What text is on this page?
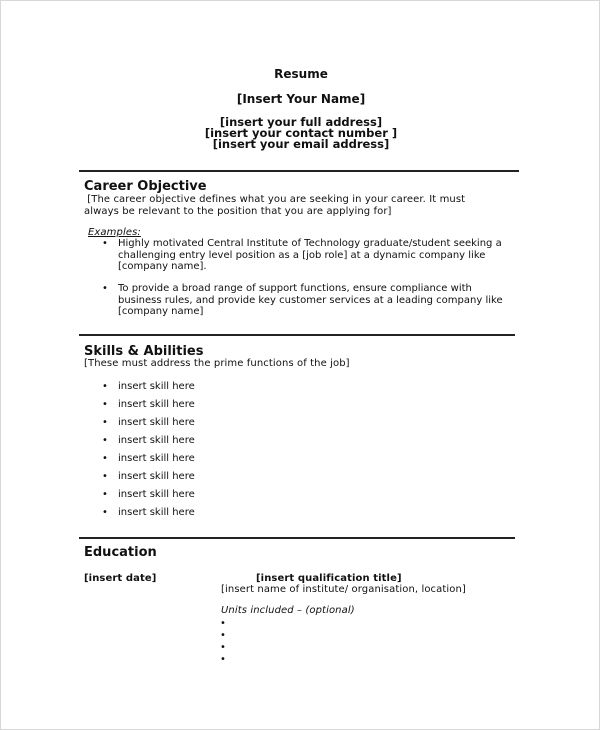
Resume
[Insert Your Name]
[insert your full address]
[insert your contact number ]
[insert your email address]
Career Objective
[The career objective defines what you are seeking in your career. It must
always be relevant to the position that you are applying for]
Examples:
• Highly motivated Central Institute of Technology graduate/student seeking a challenging entry level position as a [job role] at a dynamic company like [company name].
• To provide a broad range of support functions, ensure compliance with business rules, and provide key customer services at a leading company like [company name]
Skills & Abilities
[These must address the prime functions of the job]
• insert skill here
• insert skill here
• insert skill here
• insert skill here
• insert skill here
• insert skill here
• insert skill here
• insert skill here
Education
[insert date]	[insert qualification title]
[insert name of institute/ organisation, location]
Units included – (optional)
•
•
•
•
